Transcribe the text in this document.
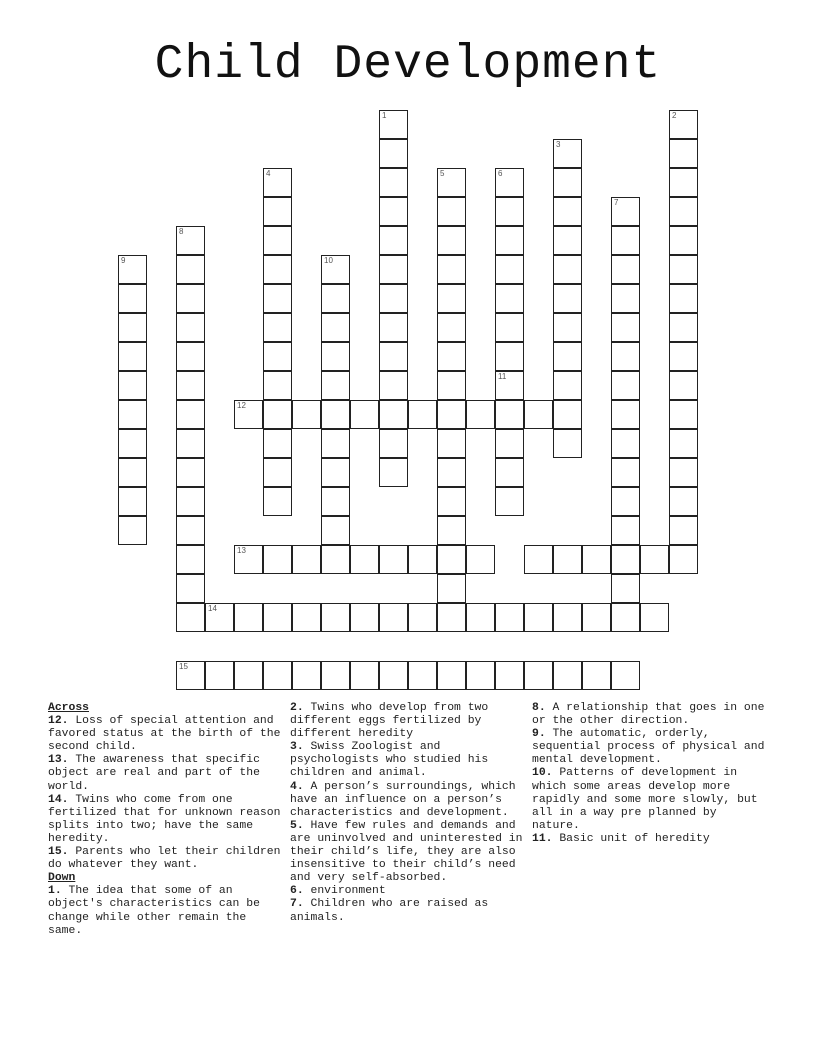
Child Development
1	2
3
4	5	6
7
8
9	10
11
12
13
14
15

Across

12. Loss of special attention and favored status at the birth of the second child.

13. The awareness that specific object are real and part of the world.

14. Twins who come from one fertilized that for unknown reason splits into two; have the same heredity.

15. Parents who let their children do whatever they want.

Down

1. The idea that some of an object's characteristics can be change while other remain the same.

2. Twins who develop from two different eggs fertilized by different heredity

3. Swiss Zoologist and psychologists who studied his children and animal.

4. A person’s surroundings, which have an influence on a person’s characteristics and development.

5. Have few rules and demands and are uninvolved and uninterested in their child’s life, they are also insensitive to their child’s need and very self-absorbed.

6. environment

7. Children who are raised as animals.

8. A relationship that goes in one or the other direction.

9. The automatic, orderly, sequential process of physical and mental development.

10. Patterns of development in which some areas develop more rapidly and some more slowly, but all in a way pre planned by nature.

11. Basic unit of heredity
